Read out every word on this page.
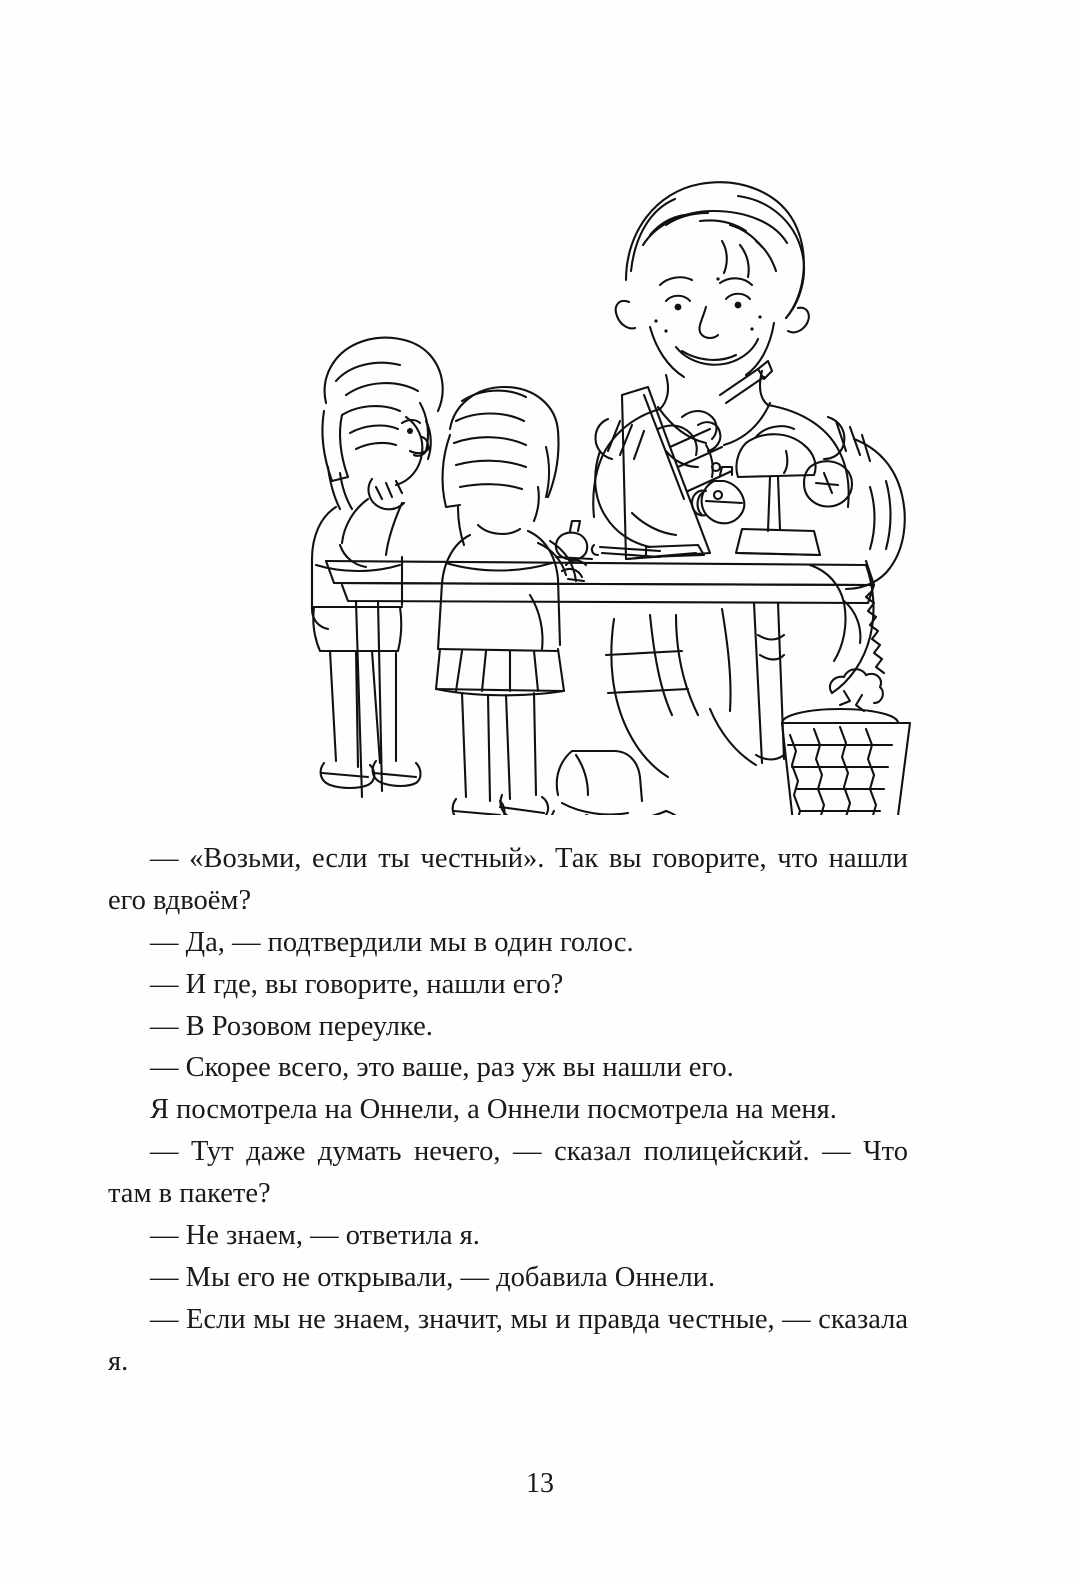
— «Возьми, если ты честный». Так вы говорите, что нашли его вдвоём?

— Да, — подтвердили мы в один голос.

— И где, вы говорите, нашли его?

— В Розовом переулке.

— Скорее всего, это ваше, раз уж вы нашли его.

Я посмотрела на Оннели, а Оннели посмотрела на меня.

— Тут даже думать нечего, — сказал полицейский. — Что там в пакете?

— Не знаем, — ответила я.

— Мы его не открывали, — добавила Оннели.

— Если мы не знаем, значит, мы и правда честные, — сказала я.

13
